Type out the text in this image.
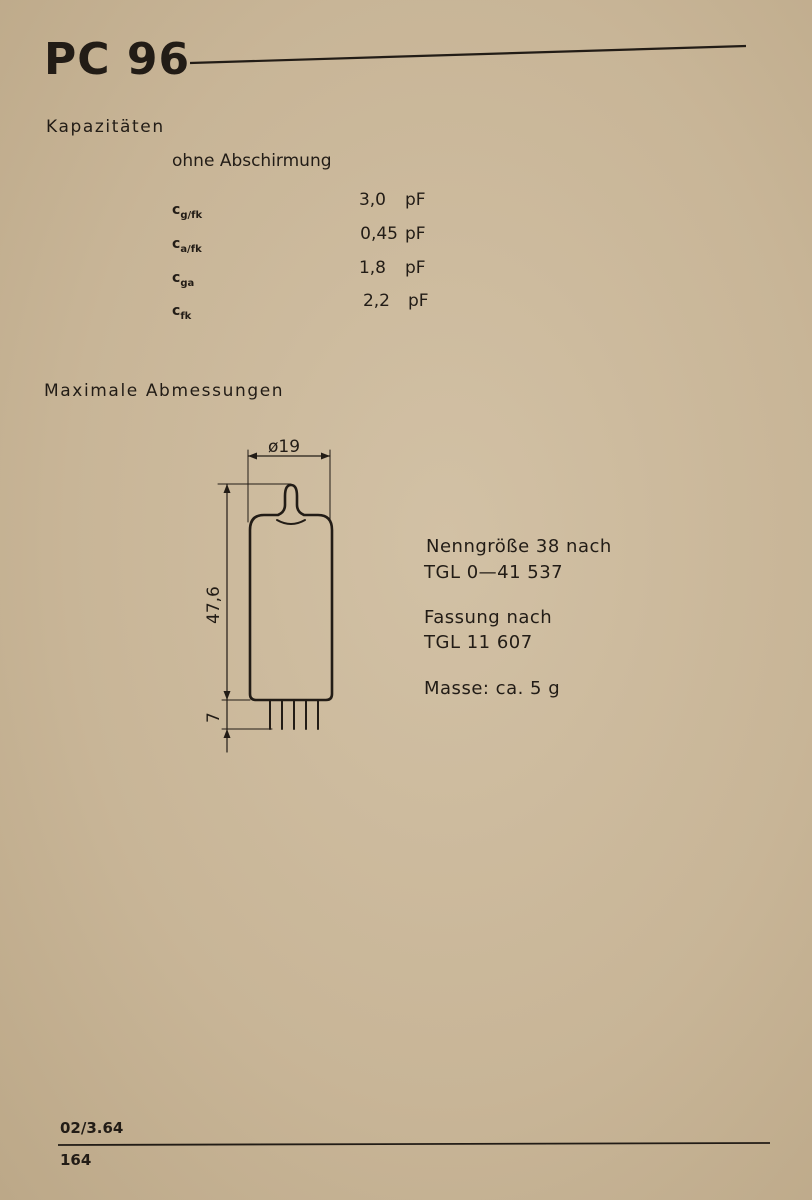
PC 96
Kapazitäten
ohne Abschirmung
$c_{g/fk}$
3,0 pF
$c_{a/fk}$
0,45 pF
$c_{ga}$
1,8 pF
$c_{fk}$
2,2 pF
Maximale Abmessungen
ø19
47,6
7
Nenngröße 38 nach
TGL 0—41 537
Fassung nach
TGL 11 607
Masse: ca. 5 g
02/3.64
164
